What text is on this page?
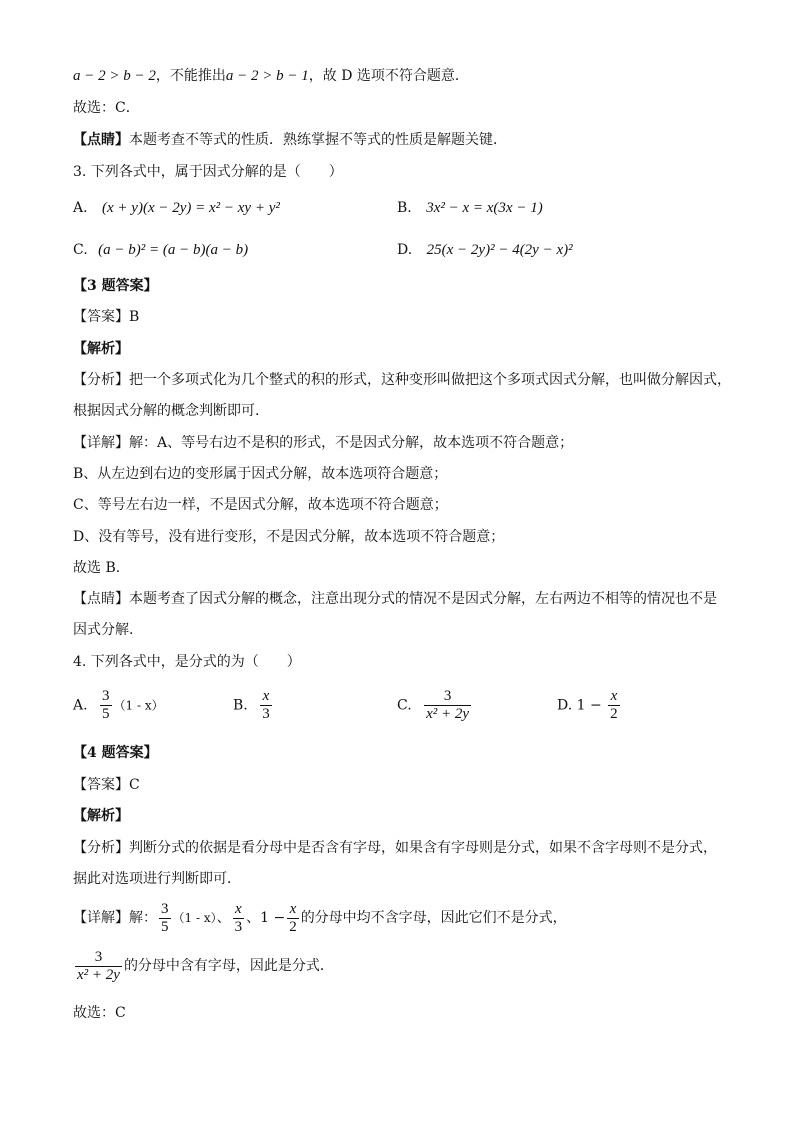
a − 2 > b − 2，不能推出a − 2 > b − 1，故 D 选项不符合题意．
故选：C．
【点睛】本题考查不等式的性质．熟练掌握不等式的性质是解题关键．
3. 下列各式中，属于因式分解的是（　　）
A. (x + y)(x − 2y) = x² − xy + y²	B. 3x² − x = x(3x − 1)
C. (a − b)² = (a − b)(a − b)	D. 25(x − 2y)² − 4(2y − x)²
【3 题答案】
【答案】B
【解析】
【分析】把一个多项式化为几个整式的积的形式，这种变形叫做把这个多项式因式分解，也叫做分解因式，
根据因式分解的概念判断即可.
【详解】解：A、等号右边不是积的形式，不是因式分解，故本选项不符合题意；
B、从左边到右边的变形属于因式分解，故本选项符合题意；
C、等号左右边一样，不是因式分解，故本选项不符合题意；
D、没有等号，没有进行变形，不是因式分解，故本选项不符合题意；
故选 B.
【点睛】本题考查了因式分解的概念，注意出现分式的情况不是因式分解，左右两边不相等的情况也不是
因式分解.
4. 下列各式中，是分式的为（　　）
A. $\frac{3}{5} (1 - x)$	B. $\frac{x}{3}$	C. $\frac{3}{\text{x² + 2y}}$	D. $1 - \frac{x}{2}$
【4 题答案】
【答案】C
【解析】
【分析】判断分式的依据是看分母中是否含有字母，如果含有字母则是分式，如果不含字母则不是分式，
据此对选项进行判断即可．
【详解】解： $\frac{3}{5} (1 - x)$、 $\frac{x}{3}$ 、$1 - \frac{x}{2}$ 的分母中均不含字母，因此它们不是分式，
$\frac{3}{\text{x² + 2y}}$ 的分母中含有字母，因此是分式．
故选：C
